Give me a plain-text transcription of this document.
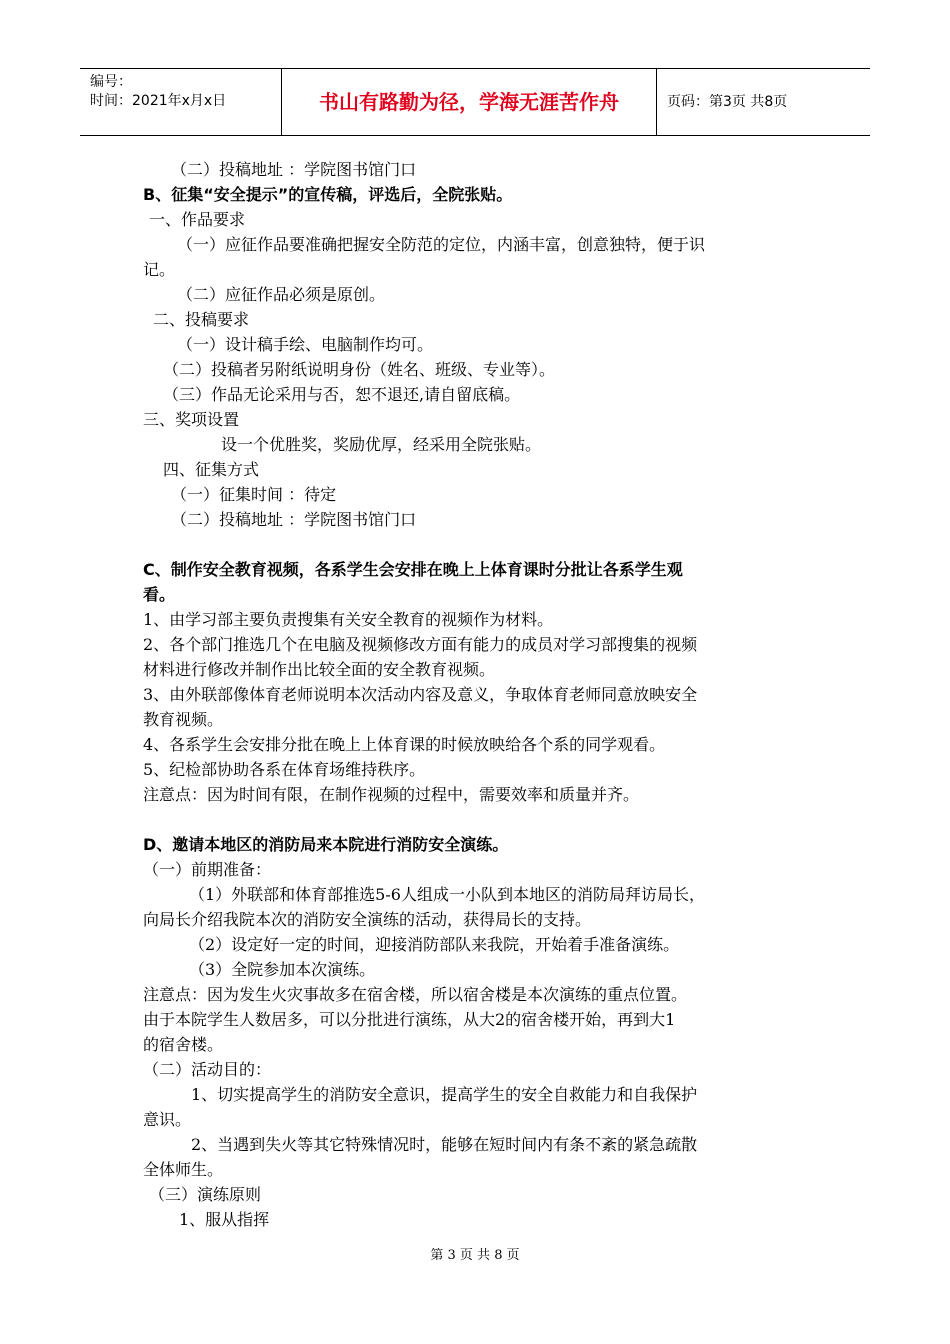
编号：
时间：2021年x月x日	书山有路勤为径，学海无涯苦作舟	页码：第3页 共8页

（二）投稿地址 ：学院图书馆门口

B、征集“安全提示”的宣传稿，评选后，全院张贴。

一、作品要求

（一）应征作品要准确把握安全防范的定位，内涵丰富，创意独特，便于识

记。

（二）应征作品必须是原创。

二、投稿要求

（一）设计稿手绘、电脑制作均可。

（二）投稿者另附纸说明身份（姓名、班级、专业等）。

（三）作品无论采用与否，恕不退还,请自留底稿。

三、奖项设置

设一个优胜奖，奖励优厚，经采用全院张贴。

四、征集方式

（一）征集时间 ：待定

（二）投稿地址 ：学院图书馆门口

C、制作安全教育视频，各系学生会安排在晚上上体育课时分批让各系学生观

看。

1、由学习部主要负责搜集有关安全教育的视频作为材料。

2、各个部门推选几个在电脑及视频修改方面有能力的成员对学习部搜集的视频

材料进行修改并制作出比较全面的安全教育视频。

3、由外联部像体育老师说明本次活动内容及意义，争取体育老师同意放映安全

教育视频。

4、各系学生会安排分批在晚上上体育课的时候放映给各个系的同学观看。

5、纪检部协助各系在体育场维持秩序。

注意点：因为时间有限，在制作视频的过程中，需要效率和质量并齐。

D、邀请本地区的消防局来本院进行消防安全演练。

（一）前期准备：

（1）外联部和体育部推选5-6人组成一小队到本地区的消防局拜访局长，

向局长介绍我院本次的消防安全演练的活动，获得局长的支持。

（2）设定好一定的时间，迎接消防部队来我院，开始着手准备演练。

（3）全院参加本次演练。

注意点：因为发生火灾事故多在宿舍楼，所以宿舍楼是本次演练的重点位置。

由于本院学生人数居多，可以分批进行演练，从大2的宿舍楼开始，再到大1

的宿舍楼。

（二）活动目的：

1、切实提高学生的消防安全意识，提高学生的安全自救能力和自我保护

意识。

2、当遇到失火等其它特殊情况时，能够在短时间内有条不紊的紧急疏散

全体师生。

（三）演练原则

1、服从指挥

第 3 页 共 8 页
